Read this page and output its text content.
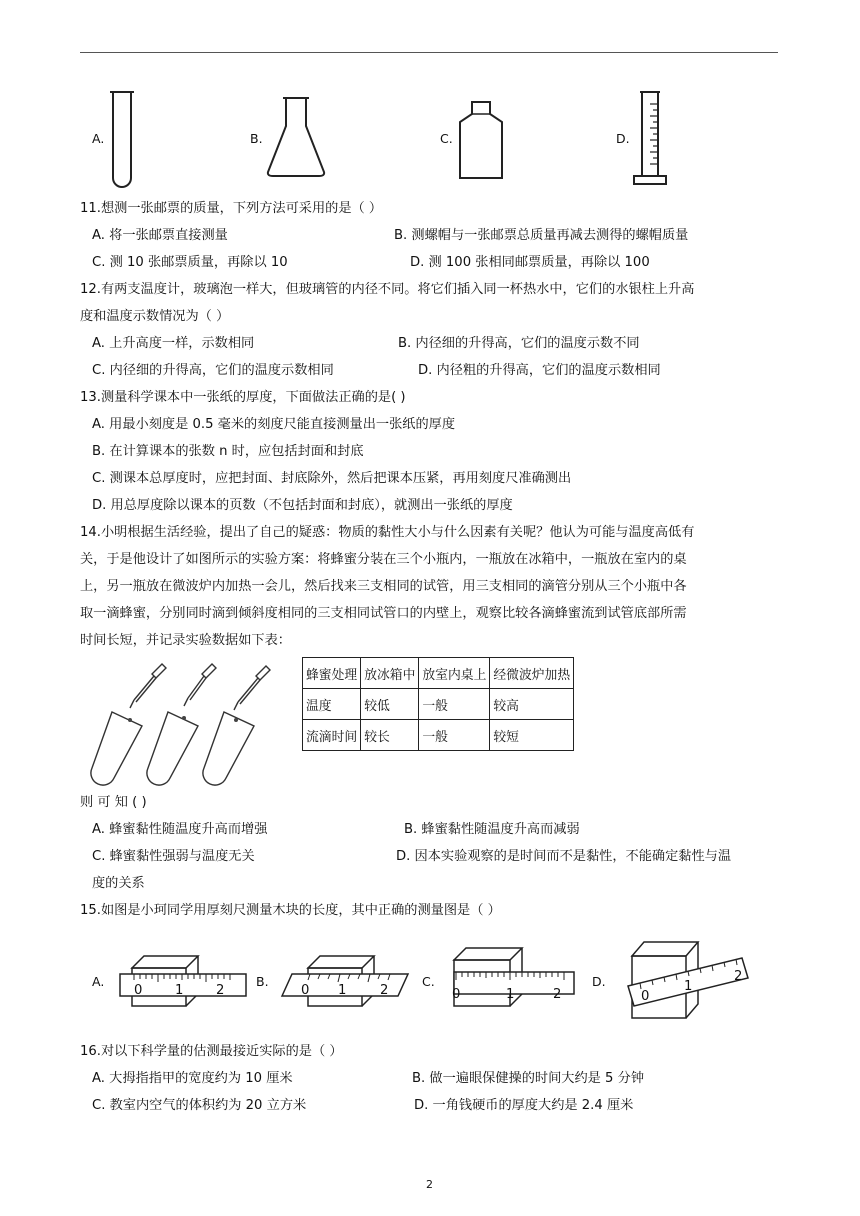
A.	B.	C.	D.
11.想测一张邮票的质量，下列方法可采用的是（ ）
A. 将一张邮票直接测量	B. 测螺帽与一张邮票总质量再减去测得的螺帽质量
C. 测 10 张邮票质量，再除以 10	D. 测 100 张相同邮票质量，再除以 100
12.有两支温度计，玻璃泡一样大，但玻璃管的内径不同。将它们插入同一杯热水中，它们的水银柱上升高
度和温度示数情况为（ ）
A. 上升高度一样，示数相同	B. 内径细的升得高，它们的温度示数不同
C. 内径细的升得高，它们的温度示数相同	D. 内径粗的升得高，它们的温度示数相同
13.测量科学课本中一张纸的厚度，下面做法正确的是( )
A. 用最小刻度是 0.5 毫米的刻度尺能直接测量出一张纸的厚度
B. 在计算课本的张数 n 时，应包括封面和封底
C. 测课本总厚度时，应把封面、封底除外，然后把课本压紧，再用刻度尺准确测出
D. 用总厚度除以课本的页数（不包括封面和封底），就测出一张纸的厚度
14.小明根据生活经验，提出了自己的疑惑：物质的黏性大小与什么因素有关呢？他认为可能与温度高低有
关，于是他设计了如图所示的实验方案：将蜂蜜分装在三个小瓶内，一瓶放在冰箱中，一瓶放在室内的桌
上，另一瓶放在微波炉内加热一会儿，然后找来三支相同的试管，用三支相同的滴管分别从三个小瓶中各
取一滴蜂蜜，分别同时滴到倾斜度相同的三支相同试管口的内壁上，观察比较各滴蜂蜜流到试管底部所需
时间长短，并记录实验数据如下表：
蜂蜜处理	放冰箱中	放室内桌上	经微波炉加热
温度	较低	一般	较高
流滴时间	较长	一般	较短
则 可 知 ( )
A. 蜂蜜黏性随温度升高而增强	B. 蜂蜜黏性随温度升高而减弱
C. 蜂蜜黏性强弱与温度无关	D. 因本实验观察的是时间而不是黏性，不能确定黏性与温
度的关系
15.如图是小珂同学用厚刻尺测量木块的长度，其中正确的测量图是（ ）
A.
0 1 2
B.
0 1	2
C.
0	1	2
D.
0
1
2
16.对以下科学量的估测最接近实际的是（ ）
A. 大拇指指甲的宽度约为 10 厘米	B. 做一遍眼保健操的时间大约是 5 分钟
C. 教室内空气的体积约为 20 立方米	D. 一角钱硬币的厚度大约是 2.4 厘米
2
